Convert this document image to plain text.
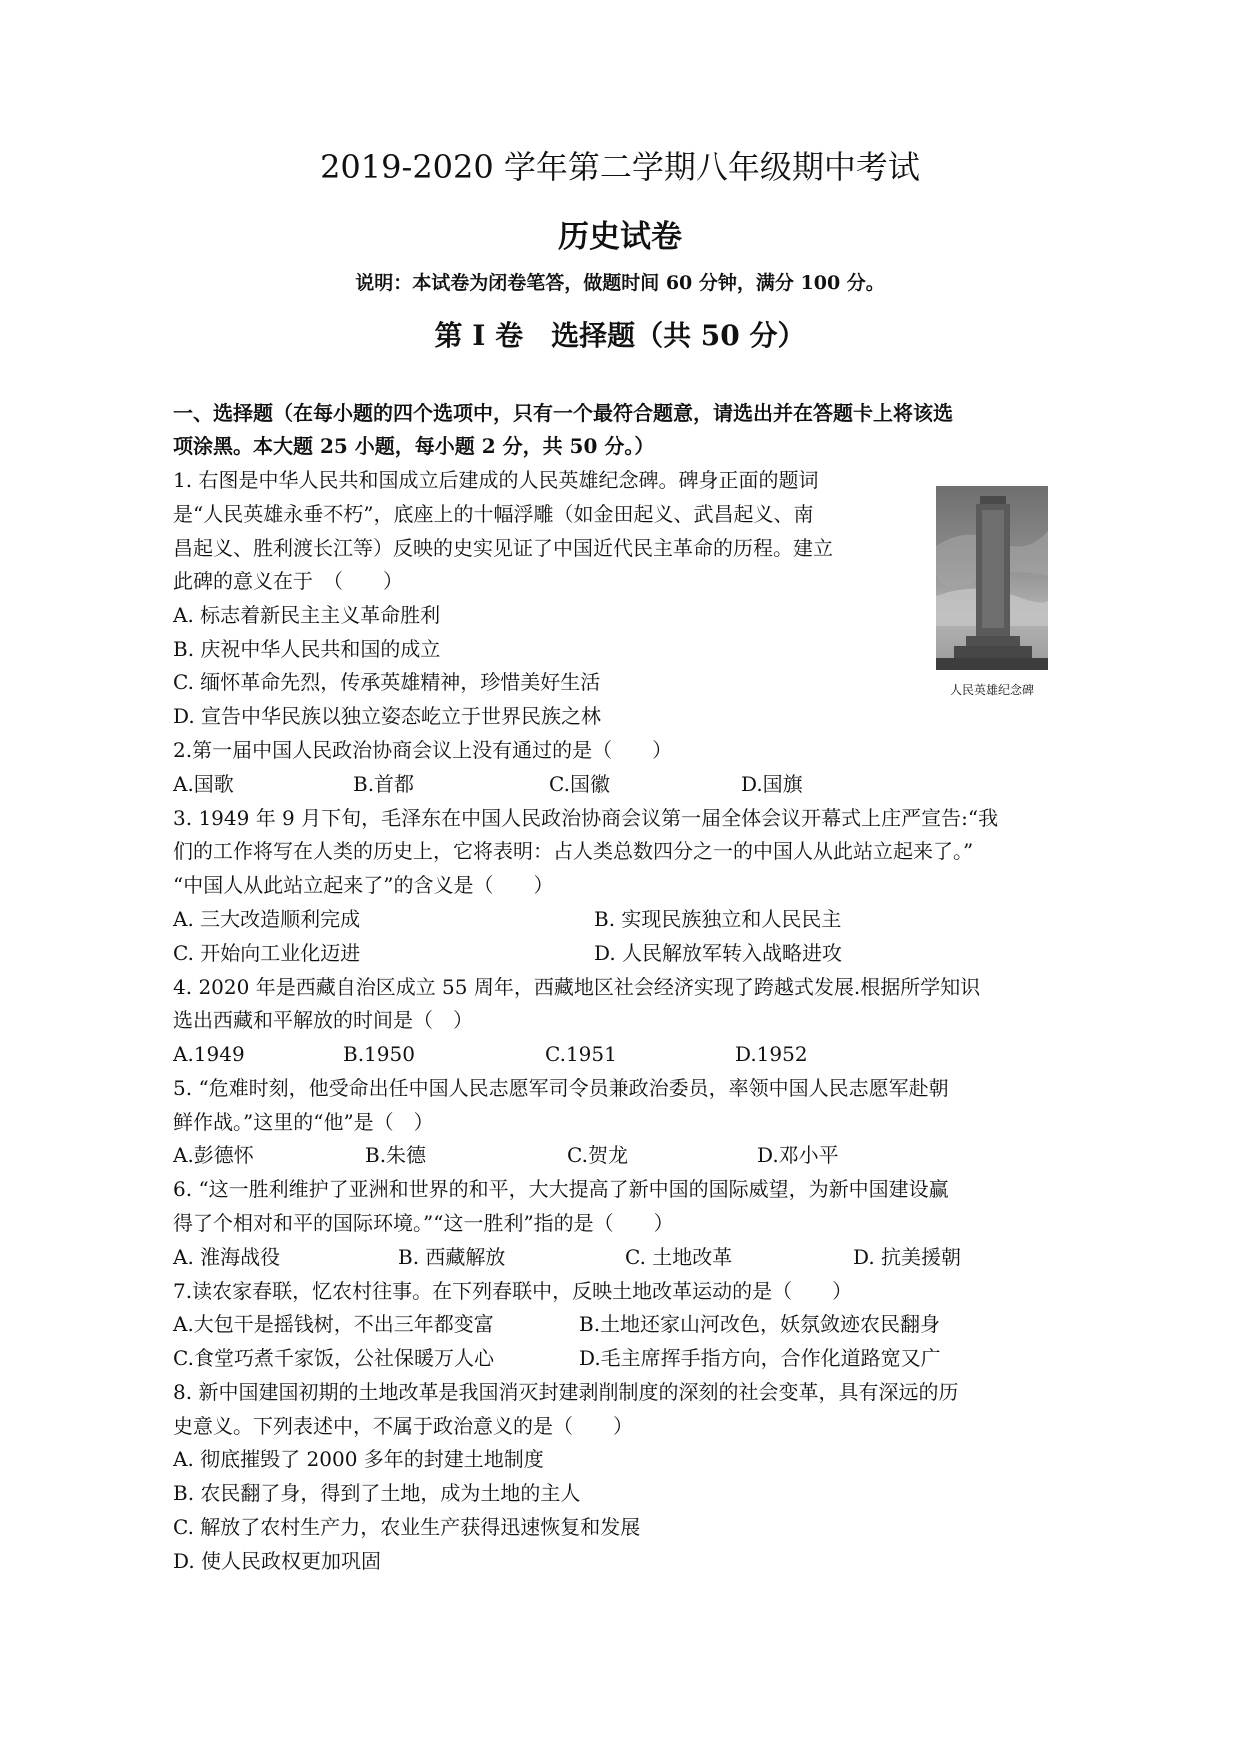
2019-2020 学年第二学期八年级期中考试
历史试卷
说明：本试卷为闭卷笔答，做题时间 60 分钟，满分 100 分。
第 I 卷　选择题（共 50 分）
一、选择题（在每小题的四个选项中，只有一个最符合题意，请选出并在答题卡上将该选
项涂黑。本大题 25 小题，每小题 2 分，共 50 分。）
1. 右图是中华人民共和国成立后建成的人民英雄纪念碑。碑身正面的题词
是“人民英雄永垂不朽”，底座上的十幅浮雕（如金田起义、武昌起义、南
昌起义、胜利渡长江等）反映的史实见证了中国近代民主革命的历程。建立
此碑的意义在于　（　　）
A. 标志着新民主主义革命胜利
B. 庆祝中华人民共和国的成立
C. 缅怀革命先烈，传承英雄精神，珍惜美好生活
D. 宣告中华民族以独立姿态屹立于世界民族之林
人民英雄纪念碑
2.第一届中国人民政治协商会议上没有通过的是（　　）
A.国歌	B.首都	C.国徽	D.国旗
3. 1949 年 9 月下旬，毛泽东在中国人民政治协商会议第一届全体会议开幕式上庄严宣告:“我
们的工作将写在人类的历史上，它将表明：占人类总数四分之一的中国人从此站立起来了。”
“中国人从此站立起来了”的含义是（　　）
A. 三大改造顺利完成	B. 实现民族独立和人民民主
C. 开始向工业化迈进	D. 人民解放军转入战略进攻
4. 2020 年是西藏自治区成立 55 周年，西藏地区社会经济实现了跨越式发展.根据所学知识
选出西藏和平解放的时间是（　）
A.1949	B.1950	C.1951	D.1952
5. “危难时刻，他受命出任中国人民志愿军司令员兼政治委员，率领中国人民志愿军赴朝
鲜作战。”这里的“他”是（　）
A.彭德怀	B.朱德	C.贺龙	D.邓小平
6. “这一胜利维护了亚洲和世界的和平，大大提高了新中国的国际威望，为新中国建设赢
得了个相对和平的国际环境。”“这一胜利”指的是（　　）
A. 淮海战役	B. 西藏解放	C. 土地改革	D. 抗美援朝
7.读农家春联，忆农村往事。在下列春联中，反映土地改革运动的是（　　）
A.大包干是摇钱树，不出三年都变富	B.土地还家山河改色，妖氛敛迹农民翻身
C.食堂巧煮千家饭，公社保暖万人心	D.毛主席挥手指方向，合作化道路宽又广
8. 新中国建国初期的土地改革是我国消灭封建剥削制度的深刻的社会变革，具有深远的历
史意义。下列表述中，不属于政治意义的是（　　）
A. 彻底摧毁了 2000 多年的封建土地制度
B. 农民翻了身，得到了土地，成为土地的主人
C. 解放了农村生产力，农业生产获得迅速恢复和发展
D. 使人民政权更加巩固
